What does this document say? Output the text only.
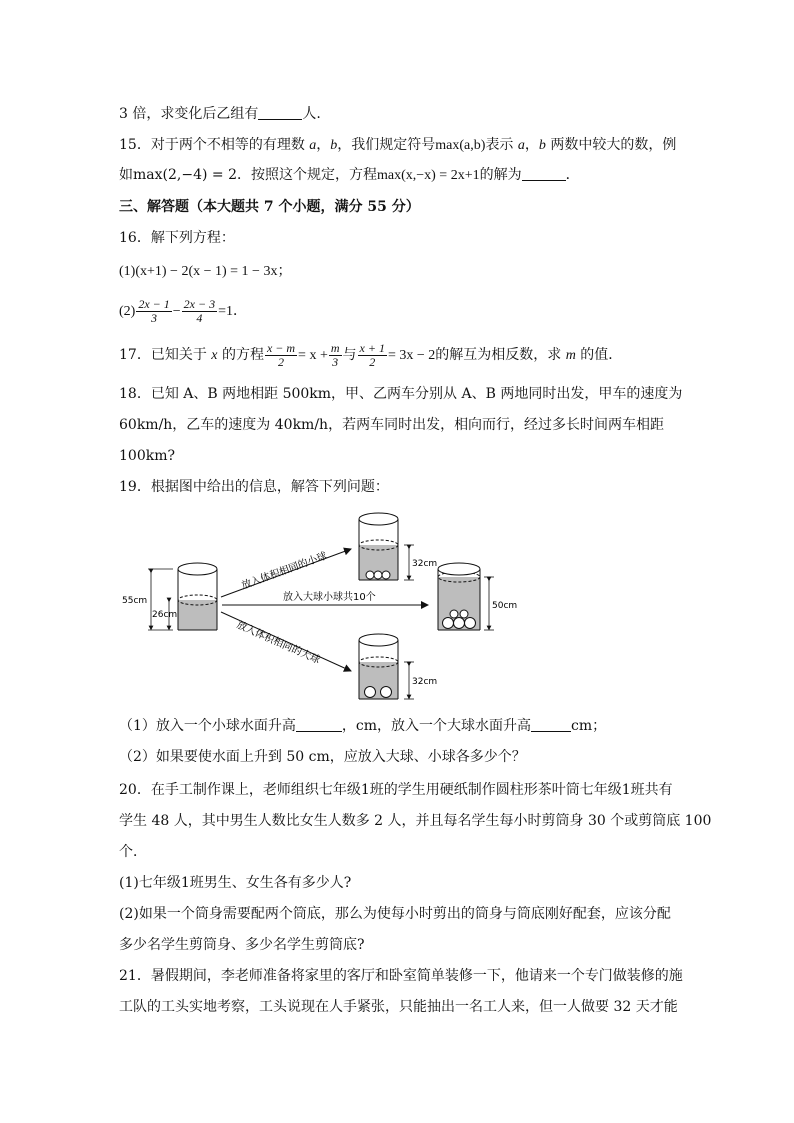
3 倍，求变化后乙组有	人.
15．对于两个不相等的有理数 a，b，我们规定符号max(a,b)表示 a，b 两数中较大的数，例
如max(2,−4) = 2．按照这个规定，方程max(x,−x) = 2x+1的解为	．
三、解答题（本大题共 7 个小题，满分 55 分）
16．解下列方程：
(1)(x+1) − 2(x − 1) = 1 − 3x；
$(2) \frac{2x - 1}{3} - \frac{2x - 3}{4} =1$．
17．已知关于 x 的方程 $\frac{x - m}{2} = x + \frac{m}{3}$ 与 $\frac{x + 1}{2} = 3x - 2$的解互为相反数，求 m 的值．
18．已知 A、B 两地相距 500km，甲、乙两车分别从 A、B 两地同时出发，甲车的速度为
60km/h，乙车的速度为 40km/h，若两车同时出发，相向而行，经过多长时间两车相距
100km?
19．根据图中给出的信息，解答下列问题：
55cm
26cm
放入体积相同的小球
放入大球小球共10个
放入体积相同的大球
32cm
50cm
32cm
（1）放入一个小球水面升高	，cm，放入一个大球水面升高	cm；
（2）如果要使水面上升到 50 cm，应放入大球、小球各多少个？
20．在手工制作课上，老师组织七年级1班的学生用硬纸制作圆柱形茶叶筒七年级1班共有
学生 48 人，其中男生人数比女生人数多 2 人，并且每名学生每小时剪筒身 30 个或剪筒底 100
个．
(1)七年级1班男生、女生各有多少人?
(2)如果一个筒身需要配两个筒底，那么为使每小时剪出的筒身与筒底刚好配套，应该分配
多少名学生剪筒身、多少名学生剪筒底?
21．暑假期间，李老师准备将家里的客厅和卧室简单装修一下，他请来一个专门做装修的施
工队的工头实地考察，工头说现在人手紧张，只能抽出一名工人来，但一人做要 32 天才能
